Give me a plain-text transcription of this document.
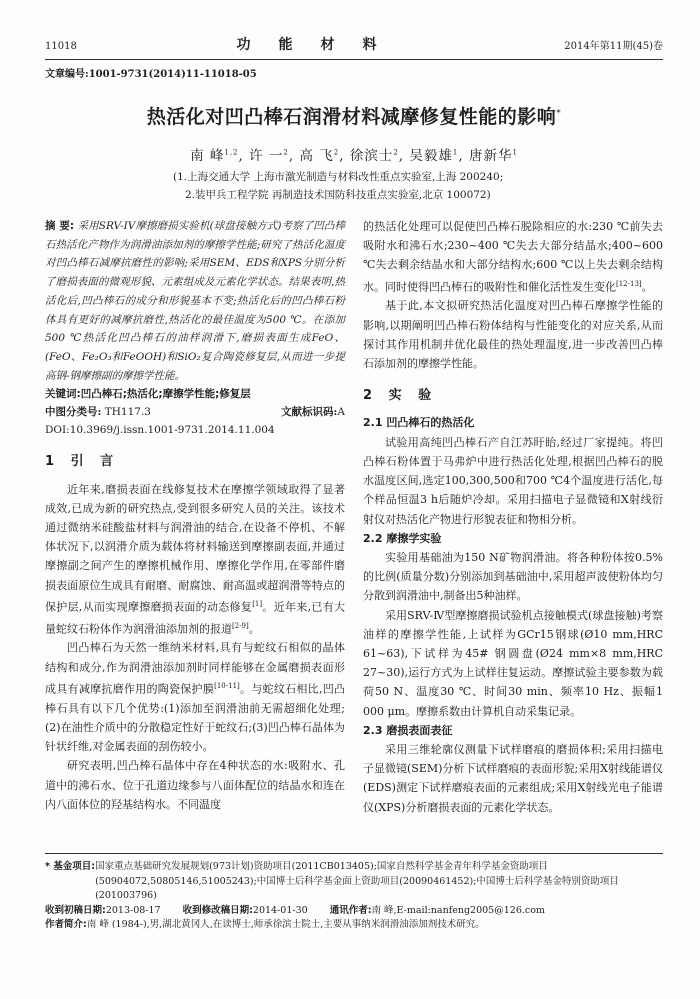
11018	功能材料	2014年第11期(45)卷
文章编号:1001-9731(2014)11-11018-05
热活化对凹凸棒石润滑材料减摩修复性能的影响*
南 峰$^{1,2}$, 许 一$^2$, 高 飞$^2$, 徐滨士$^2$, 吴毅雄$^1$, 唐新华$^1$
(1.上海交通大学 上海市激光制造与材料改性重点实验室,上海 200240;
2.装甲兵工程学院 再制造技术国防科技重点实验室,北京 100072)
摘 要: 采用SRV-IV摩擦磨损实验机(球盘接触方式)考察了凹凸棒石热活化产物作为润滑油添加剂的摩擦学性能;研究了热活化温度对凹凸棒石减摩抗磨性的影响;采用SEM、EDS和XPS分别分析了磨损表面的微观形貌、元素组成及元素化学状态。结果表明,热活化后,凹凸棒石的成分和形貌基本不变;热活化后的凹凸棒石粉体具有更好的减摩抗磨性,热活化的最佳温度为500 ℃。在添加500 ℃热活化凹凸棒石的油样润滑下,磨损表面生成FeO、(FeO、Fe₂O₃和FeOOH)和SiO₂复合陶瓷修复层,从而进一步提高钢-钢摩擦副的摩擦学性能。
关键词:凹凸棒石;热活化;摩擦学性能;修复层
中图分类号: TH117.3	文献标识码:A
DOI:10.3969/j.issn.1001-9731.2014.11.004
1 引 言

近年来,磨损表面在线修复技术在摩擦学领域取得了显著成效,已成为新的研究热点,受到很多研究人员的关注。该技术通过微纳米硅酸盐材料与润滑油的结合,在设备不停机、不解体状况下,以润滑介质为载体将材料输送到摩擦副表面,并通过摩擦副之间产生的摩擦机械作用、摩擦化学作用,在零部件磨损表面原位生成具有耐磨、耐腐蚀、耐高温或超润滑等特点的保护层,从而实现摩擦磨损表面的动态修复[1]。近年来,已有大量蛇纹石粉体作为润滑油添加剂的报道[2-9]。

凹凸棒石为天然一维纳米材料,具有与蛇纹石相似的晶体结构和成分,作为润滑油添加剂时同样能够在金属磨损表面形成具有减摩抗磨作用的陶瓷保护膜[10-11]。与蛇纹石相比,凹凸棒石具有以下几个优势:(1)添加至润滑油前无需超细化处理;(2)在油性介质中的分散稳定性好于蛇纹石;(3)凹凸棒石晶体为针状纤维,对金属表面的刮伤较小。

研究表明,凹凸棒石晶体中存在4种状态的水:吸附水、孔道中的沸石水、位于孔道边缘参与八面体配位的结晶水和连在内八面体位的羟基结构水。不同温度

的热活化处理可以促使凹凸棒石脱除相应的水:230 ℃前失去吸附水和沸石水;230~400 ℃失去大部分结晶水;400~600 ℃失去剩余结晶水和大部分结构水;600 ℃以上失去剩余结构水。同时使得凹凸棒石的吸附性和催化活性发生变化[12-13]。

基于此,本文拟研究热活化温度对凹凸棒石摩擦学性能的影响,以期阐明凹凸棒石粉体结构与性能变化的对应关系,从而探讨其作用机制并优化最佳的热处理温度,进一步改善凹凸棒石添加剂的摩擦学性能。

2 实 验
2.1 凹凸棒石的热活化

试验用高纯凹凸棒石产自江苏盱眙,经过厂家提纯。将凹凸棒石粉体置于马弗炉中进行热活化处理,根据凹凸棒石的脱水温度区间,选定100,300,500和700 ℃4个温度进行活化,每个样品恒温3 h后随炉冷却。采用扫描电子显微镜和X射线衍射仪对热活化产物进行形貌表征和物相分析。

2.2 摩擦学实验

实验用基础油为150 N矿物润滑油。将各种粉体按0.5%的比例(质量分数)分别添加到基础油中,采用超声波使粉体均匀分散到润滑油中,制备出5种油样。

采用SRV-Ⅳ型摩擦磨损试验机点接触模式(球盘接触)考察油样的摩擦学性能,上试样为GCr15钢球(Ø10 mm,HRC 61~63),下试样为45# 钢圆盘(Ø24 mm×8 mm,HRC 27~30),运行方式为上试样往复运动。摩擦试验主要参数为载荷50 N、温度30 ℃、时间30 min、频率10 Hz、振幅1 000 μm。摩擦系数由计算机自动采集记录。

2.3 磨损表面表征

采用三维轮廓仪测量下试样磨痕的磨损体积;采用扫描电子显微镜(SEM)分析下试样磨痕的表面形貌;采用X射线能谱仪(EDS)测定下试样磨痕表面的元素组成;采用X射线光电子能谱仪(XPS)分析磨损表面的元素化学状态。

* 基金项目: 国家重点基础研究发展规划(973计划)资助项目(2011CB013405);国家自然科学基金青年科学基金资助项目(50904072,50805146,51005243);中国博士后科学基金面上资助项目(20090461452);中国博士后科学基金特别资助项目(201003796)
收到初稿日期:2013-08-17 收到修改稿日期:2014-01-30 通讯作者:南 峰,E-mail:nanfeng2005@126.com
作者简介: 南 峰 (1984-),男,湖北黄冈人,在读博士,师承徐滨士院士,主要从事纳米润滑油添加剂技术研究。
